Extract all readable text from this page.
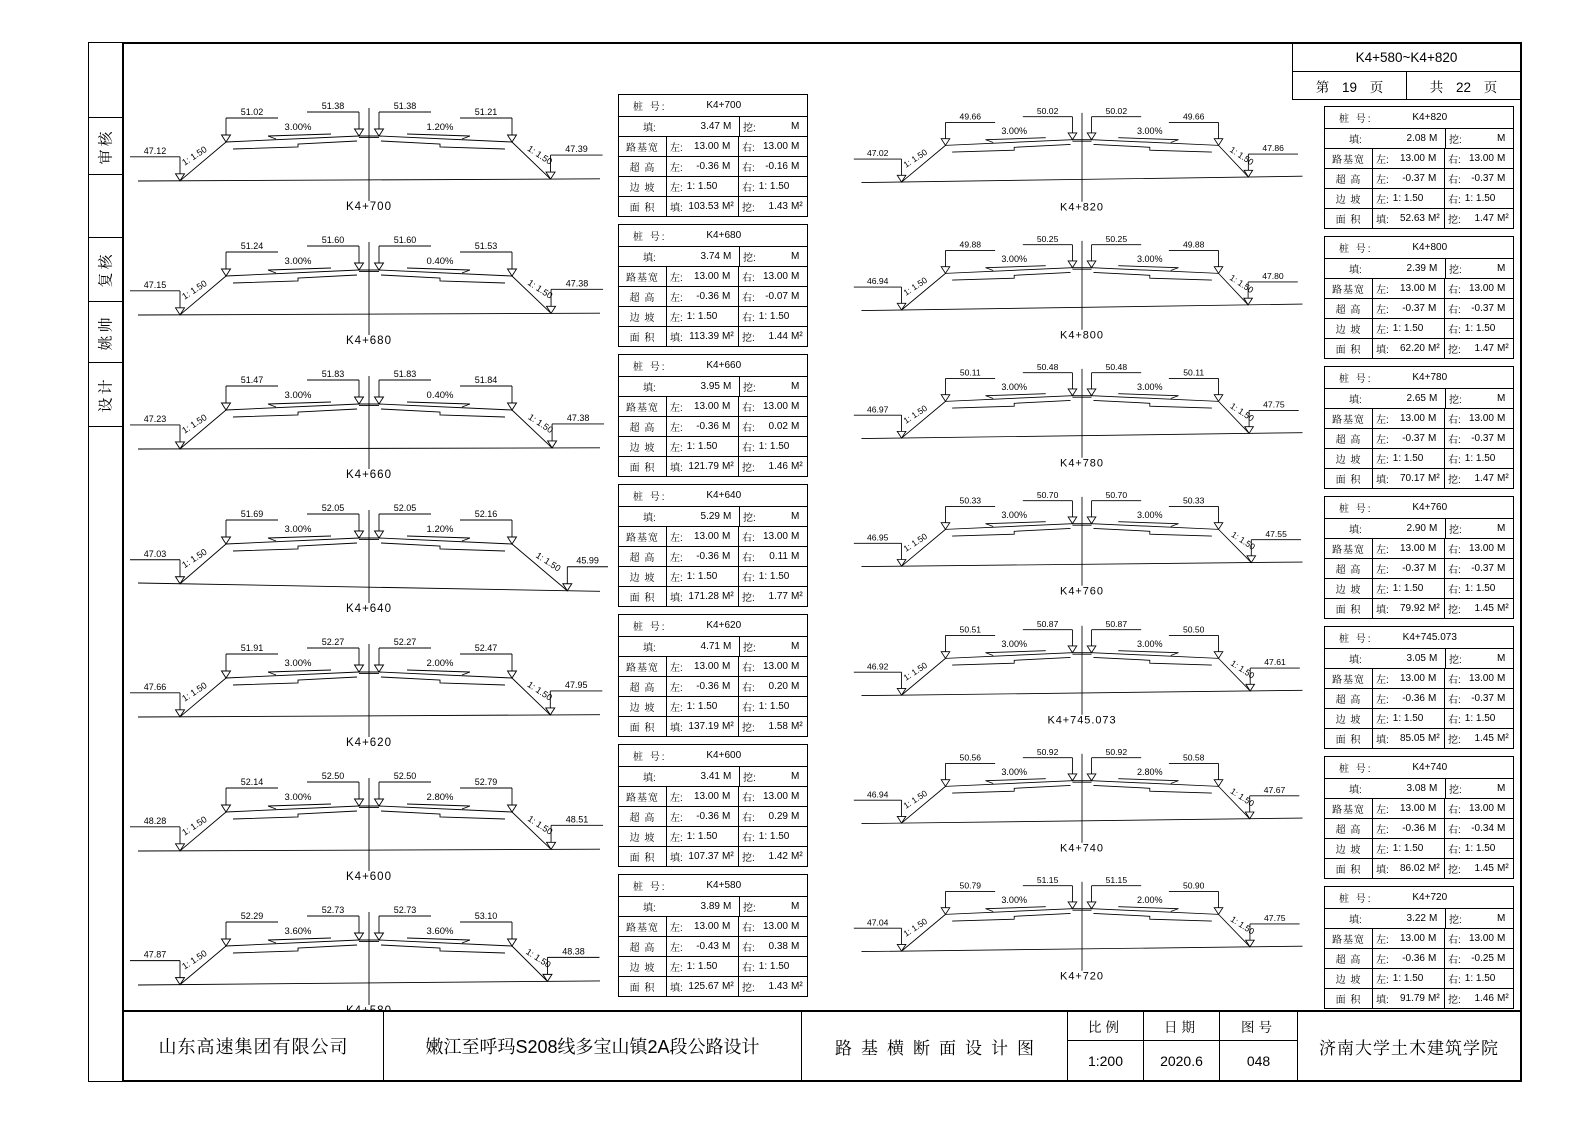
审核
复核
姚帅
设计
K4+580~K4+820
第 19 页	共 22 页
51.02
51.38	51.38
51.21
47.12	47.39
3.00%	1.20%
1: 1.50	1: 1.50
K4+700
51.24
51.60	51.60
51.53
47.15	47.38
3.00%	0.40%
1: 1.50	1: 1.50
K4+680
51.47
51.83	51.83
51.84
47.23	47.38
3.00%	0.40%
1: 1.50	1: 1.50
K4+660
51.69
52.05	52.05
52.16
47.03
45.99
3.00%	1.20%
1: 1.50	1: 1.50
K4+640
51.91
52.27	52.27
52.47
47.66	47.95
3.00%	2.00%
1: 1.50	1: 1.50
K4+620
52.14
52.50	52.50
52.79
48.28	48.51
3.00%	2.80%
1: 1.50	1: 1.50
K4+600
52.29
52.73	52.73
53.10
47.87	48.38
3.60%	3.60%
1: 1.50	1: 1.50
桩 号:	K4+700
填:	3.47 M	挖:	M
路基宽 左:	13.00 M	右: 13.00 M
超 高 左:	-0.36 M	右:	-0.16 M
边 坡 左: 1: 1.50	右: 1: 1.50
面 积 填: 103.53 M² 挖:	1.43 M²
桩 号:	K4+680
填:	3.74 M	挖:	M
路基宽 左:	13.00 M	右: 13.00 M
超 高 左:	-0.36 M	右:	-0.07 M
边 坡 左: 1: 1.50	右: 1: 1.50
面 积 填: 113.39 M² 挖:	1.44 M²
桩 号:	K4+660
填:	3.95 M	挖:	M
路基宽 左:	13.00 M	右: 13.00 M
超 高 左:	-0.36 M	右:	0.02 M
边 坡 左: 1: 1.50	右: 1: 1.50
面 积 填: 121.79 M² 挖:	1.46 M²
桩 号:	K4+640
填:	5.29 M	挖:	M
路基宽 左:	13.00 M	右: 13.00 M
超 高 左:	-0.36 M	右:	0.11 M
边 坡 左: 1: 1.50	右: 1: 1.50
面 积 填: 171.28 M² 挖:	1.77 M²
桩 号:	K4+620
填:	4.71 M	挖:	M
路基宽 左:	13.00 M	右: 13.00 M
超 高 左:	-0.36 M	右:	0.20 M
边 坡 左: 1: 1.50	右: 1: 1.50
面 积 填: 137.19 M² 挖:	1.58 M²
桩 号:	K4+600
填:	3.41 M	挖:	M
路基宽 左:	13.00 M	右: 13.00 M
超 高 左:	-0.36 M	右:	0.29 M
边 坡 左: 1: 1.50	右: 1: 1.50
面 积 填: 107.37 M² 挖:	1.42 M²
桩 号:	K4+580
填:	3.89 M	挖:	M
路基宽 左:	13.00 M	右: 13.00 M
超 高 左:	-0.43 M	右:	0.38 M
边 坡 左: 1: 1.50	右: 1: 1.50
面 积 填: 125.67 M² 挖:	1.43 M²
49.66
50.02	50.02
49.66
47.02
47.86
3.00%	3.00%
1: 1.50	1: 1.50
K4+820
49.88
50.25	50.25
49.88
46.94
47.80
3.00%	3.00%
1: 1.50	1: 1.50
K4+800
50.11
50.48	50.48
50.11
46.97	47.75
3.00%	3.00%
1: 1.50	1: 1.50
K4+780
50.33
50.70	50.70
50.33
46.95	47.55
3.00%	3.00%
1: 1.50	1: 1.50
K4+760
50.51
50.87	50.87
50.50
46.92	47.61
3.00%	3.00%
1: 1.50	1: 1.50
K4+745.073
50.56
50.92	50.92
50.58
46.94	47.67
3.00%	2.80%
1: 1.50	1: 1.50
K4+740
50.79
51.15	51.15
50.90
47.04	47.75
3.00%	2.00%
1: 1.50	1: 1.50
K4+720
桩 号:	K4+820
填:	2.08 M	挖:	M
路基宽 左:	13.00 M	右: 13.00 M
超 高 左:	-0.37 M	右:	-0.37 M
边 坡 左: 1: 1.50	右: 1: 1.50
面 积 填:	52.63 M² 挖:	1.47 M²
桩 号:	K4+800
填:	2.39 M	挖:	M
路基宽 左:	13.00 M	右: 13.00 M
超 高 左:	-0.37 M	右:	-0.37 M
边 坡 左: 1: 1.50	右: 1: 1.50
面 积 填:	62.20 M² 挖:	1.47 M²
桩 号:	K4+780
填:	2.65 M	挖:	M
路基宽 左:	13.00 M	右: 13.00 M
超 高 左:	-0.37 M	右:	-0.37 M
边 坡 左: 1: 1.50	右: 1: 1.50
面 积 填:	70.17 M² 挖:	1.47 M²
桩 号:	K4+760
填:	2.90 M	挖:	M
路基宽 左:	13.00 M	右: 13.00 M
超 高 左:	-0.37 M	右:	-0.37 M
边 坡 左: 1: 1.50	右: 1: 1.50
面 积 填:	79.92 M² 挖:	1.45 M²
桩 号:	K4+745.073
填:	3.05 M	挖:	M
路基宽 左:	13.00 M	右: 13.00 M
超 高 左:	-0.36 M	右:	-0.37 M
边 坡 左: 1: 1.50	右: 1: 1.50
面 积 填:	85.05 M² 挖:	1.45 M²
桩 号:	K4+740
填:	3.08 M	挖:	M
路基宽 左:	13.00 M	右: 13.00 M
超 高 左:	-0.36 M	右:	-0.34 M
边 坡 左: 1: 1.50	右: 1: 1.50
面 积 填:	86.02 M² 挖:	1.45 M²
桩 号:	K4+720
填:	3.22 M	挖:	M
路基宽 左:	13.00 M	右: 13.00 M
超 高 左:	-0.36 M	右:	-0.25 M
边 坡 左: 1: 1.50	右: 1: 1.50
面 积 填:	91.79 M² 挖:	1.46 M²
山东高速集团有限公司	嫩江至呼玛S208线多宝山镇2A段公路设计	路基横断面设计图
比例
1:200
日期
2020.6
图号
048
济南大学土木建筑学院
